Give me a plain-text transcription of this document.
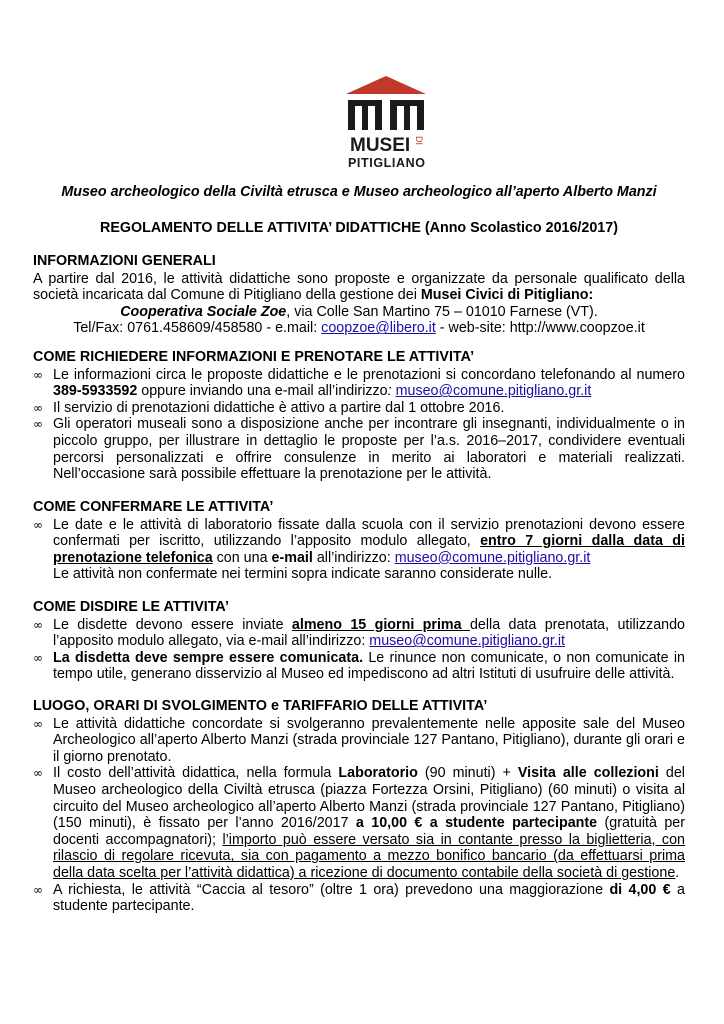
MUSEI DI
PITIGLIANO
Museo archeologico della Civiltà etrusca e Museo archeologico all’aperto Alberto Manzi
REGOLAMENTO DELLE ATTIVITA’ DIDATTICHE (Anno Scolastico 2016/2017)
INFORMAZIONI GENERALI

A partire dal 2016, le attività didattiche sono proposte e organizzate da personale qualificato della società incaricata dal Comune di Pitigliano della gestione dei Musei Civici di Pitigliano:

Cooperativa Sociale Zoe, via Colle San Martino 75 – 01010 Farnese (VT).

Tel/Fax: 0761.458609/458580 - e.mail: coopzoe@libero.it - web-site: http://www.coopzoe.it

COME RICHIEDERE INFORMAZIONI E PRENOTARE LE ATTIVITA’
∞ Le informazioni circa le proposte didattiche e le prenotazioni si concordano telefonando al numero 389-5933592 oppure inviando una e-mail all’indirizzo: museo@comune.pitigliano.gr.it
∞ Il servizio di prenotazioni didattiche è attivo a partire dal 1 ottobre 2016.
∞ Gli operatori museali sono a disposizione anche per incontrare gli insegnanti, individualmente o in piccolo gruppo, per illustrare in dettaglio le proposte per l’a.s. 2016–2017, condividere eventuali percorsi personalizzati e offrire consulenze in merito ai laboratori e materiali realizzati. Nell’occasione sarà possibile effettuare la prenotazione per le attività.
COME CONFERMARE LE ATTIVITA’
∞ Le date e le attività di laboratorio fissate dalla scuola con il servizio prenotazioni devono essere confermati per iscritto, utilizzando l’apposito modulo allegato, entro 7 giorni dalla data di prenotazione telefonica con una e-mail all’indirizzo: museo@comune.pitigliano.gr.it
Le attività non confermate nei termini sopra indicate saranno considerate nulle.
COME DISDIRE LE ATTIVITA’
∞ Le disdette devono essere inviate almeno 15 giorni prima della data prenotata, utilizzando l’apposito modulo allegato, via e-mail all’indirizzo: museo@comune.pitigliano.gr.it
∞ La disdetta deve sempre essere comunicata. Le rinunce non comunicate, o non comunicate in tempo utile, generano disservizio al Museo ed impediscono ad altri Istituti di usufruire delle attività.
LUOGO, ORARI DI SVOLGIMENTO e TARIFFARIO DELLE ATTIVITA’
∞ Le attività didattiche concordate si svolgeranno prevalentemente nelle apposite sale del Museo Archeologico all’aperto Alberto Manzi (strada provinciale 127 Pantano, Pitigliano), durante gli orari e il giorno prenotato.
∞ Il costo dell’attività didattica, nella formula Laboratorio (90 minuti) + Visita alle collezioni del Museo archeologico della Civiltà etrusca (piazza Fortezza Orsini, Pitigliano) (60 minuti) o visita al circuito del Museo archeologico all’aperto Alberto Manzi (strada provinciale 127 Pantano, Pitigliano) (150 minuti), è fissato per l’anno 2016/2017 a 10,00 € a studente partecipante (gratuità per docenti accompagnatori); l’importo può essere versato sia in contante presso la biglietteria, con rilascio di regolare ricevuta, sia con pagamento a mezzo bonifico bancario (da effettuarsi prima della data scelta per l’attività didattica) a ricezione di documento contabile della società di gestione.
∞ A richiesta, le attività “Caccia al tesoro” (oltre 1 ora) prevedono una maggiorazione di 4,00 € a studente partecipante.
